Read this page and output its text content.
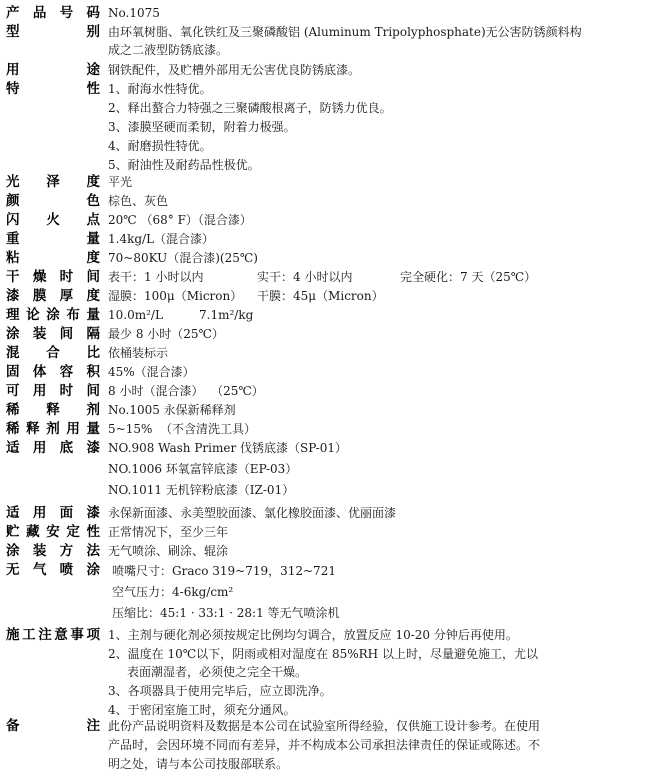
产 品 号 码 No.1075
型	别 由环氧树脂、氧化铁红及三聚磷酸铝 (Aluminum Tripolyphosphate)无公害防锈颜料构
成之二液型防锈底漆。
用	途 钢铁配件，及贮槽外部用无公害优良防锈底漆。
特	性 1、耐海水性特优。
2、释出螯合力特强之三聚磷酸根离子，防锈力优良。
3、漆膜坚硬而柔韧，附着力极强。
4、耐磨损性特优。
5、耐油性及耐药品性极优。
光 泽 度 平光
颜	色 棕色、灰色
闪 火 点 20℃ （68° F）（混合漆）
重	量 1.4kg/L（混合漆）
粘	度 70~80KU（混合漆)(25℃)
干 燥 时 间 表干：1 小时以内	实干：4 小时以内	完全硬化：7 天（25℃）
漆 膜 厚 度 湿膜：100μ（Micron） 干膜：45μ（Micron）
理 论 涂 布 量 10.0m²/L	7.1m²/kg
涂 装 间 隔 最少 8 小时（25℃）
混 合 比 依桶装标示
固 体 容 积 45%（混合漆）
可 用 时 间 8 小时（混合漆）  （25℃）
稀 释 剂 No.1005 永保新稀释剂
稀 释 剂 用 量 5~15%  （不含清洗工具）
适 用 底 漆 NO.908 Wash Primer 伐锈底漆（SP-01）
NO.1006 环氧富锌底漆（EP-03）
NO.1011 无机锌粉底漆（IZ-01）
适 用 面 漆 永保新面漆、永美塑胶面漆、氯化橡胶面漆、优丽面漆
贮 藏 安 定 性 正常情况下，至少三年
涂 装 方 法 无气喷涂、刷涂、辊涂
无 气 喷 涂 喷嘴尺寸：Graco 319~719，312~721
空气压力：4-6kg/cm²
压缩比：45:1 · 33:1 · 28:1 等无气喷涂机
施 工 注 意 事 项 1、主剂与硬化剂必须按规定比例均匀调合，放置反应 10-20 分钟后再使用。
2、温度在 10℃以下，阴雨或相对湿度在 85%RH 以上时，尽量避免施工，尤以
表面潮湿者，必须使之完全干燥。
3、各项器具于使用完毕后，应立即洗净。
4、于密闭室施工时，须充分通风。
备	注 此份产品说明资料及数据是本公司在试验室所得经验，仅供施工设计参考。在使用
产品时，会因环境不同而有差异，并不构成本公司承担法律责任的保证或陈述。不
明之处，请与本公司技服部联系。
